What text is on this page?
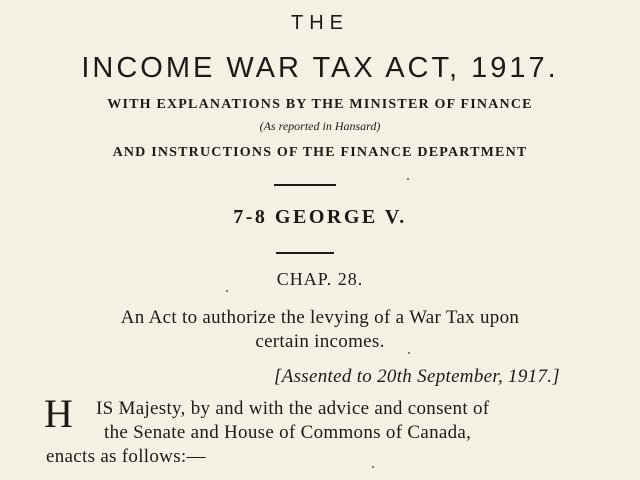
THE
INCOME WAR TAX ACT, 1917.
WITH EXPLANATIONS BY THE MINISTER OF FINANCE
(As reported in Hansard)
AND INSTRUCTIONS OF THE FINANCE DEPARTMENT
7-8 GEORGE V.
CHAP. 28.
An Act to authorize the levying of a War Tax upon
certain incomes.
[Assented to 20th September, 1917.]
H IS Majesty, by and with the advice and consent of
the Senate and House of Commons of Canada,
enacts as follows:—
